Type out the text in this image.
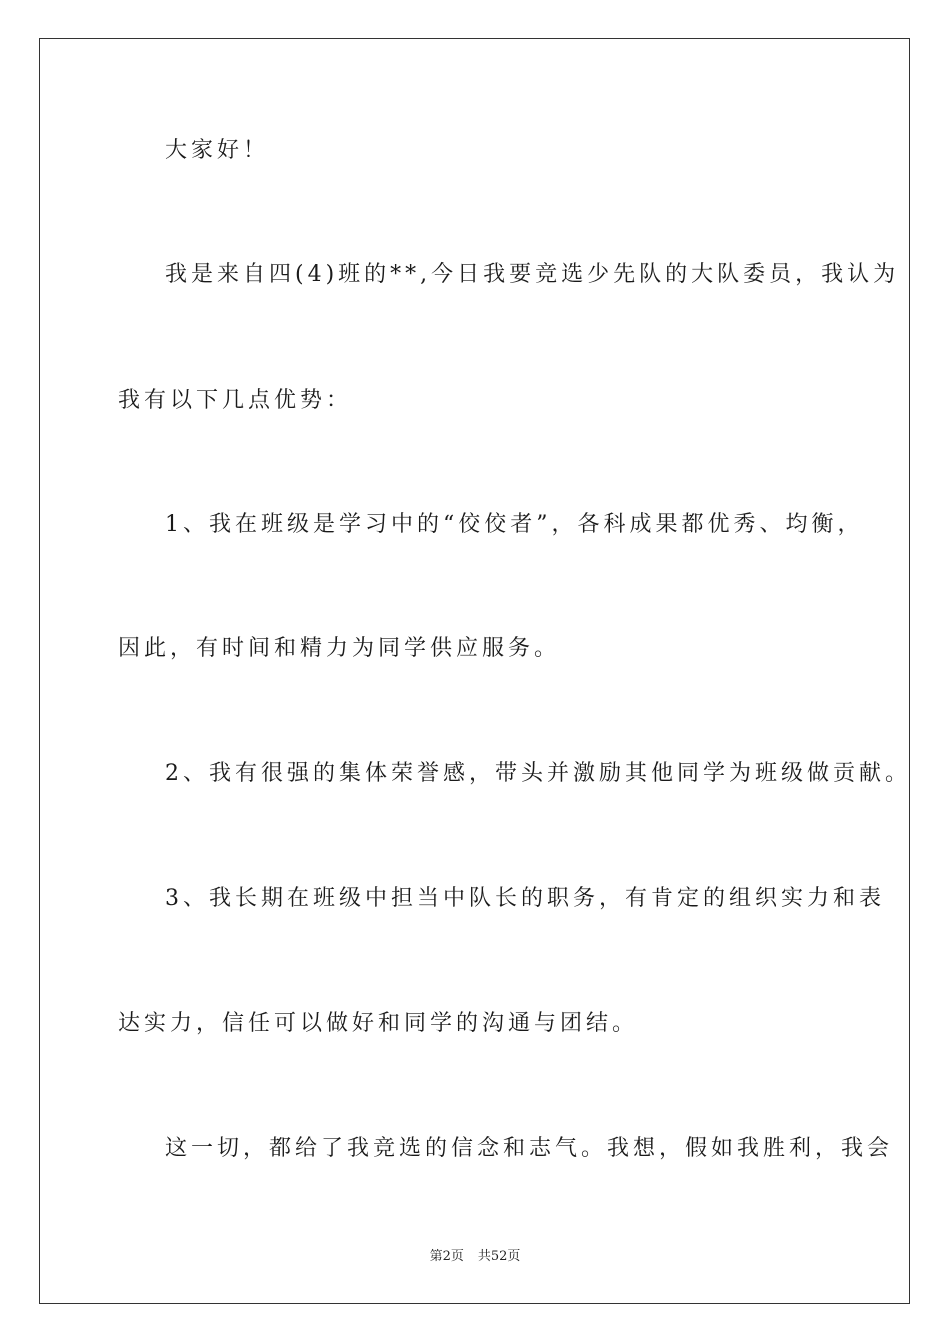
大家好！
我是来自四(4)班的**,今日我要竞选少先队的大队委员，我认为
我有以下几点优势：
1、我在班级是学习中的“佼佼者”，各科成果都优秀、均衡，
因此，有时间和精力为同学供应服务。
2、我有很强的集体荣誉感，带头并激励其他同学为班级做贡献。
3、我长期在班级中担当中队长的职务，有肯定的组织实力和表
达实力，信任可以做好和同学的沟通与团结。
这一切，都给了我竞选的信念和志气。我想，假如我胜利，我会
第2页 共52页
